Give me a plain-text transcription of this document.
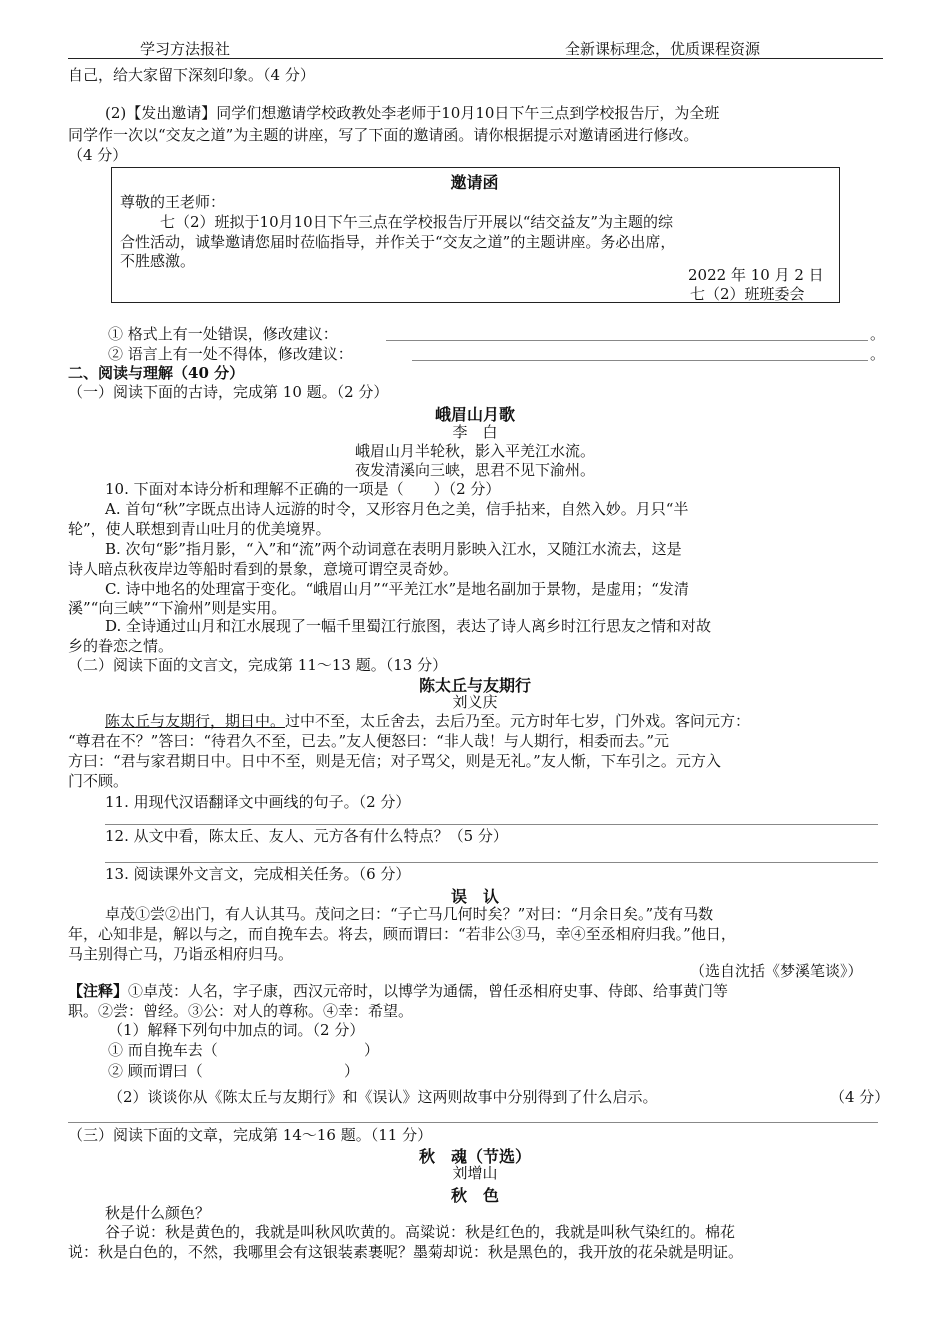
学习方法报社	全新课标理念，优质课程资源
自己，给大家留下深刻印象。（4 分）
(2)【发出邀请】同学们想邀请学校政教处李老师于10月10日下午三点到学校报告厅，为全班
同学作一次以“交友之道”为主题的讲座，写了下面的邀请函。请你根据提示对邀请函进行修改。
（4 分）
邀请函
尊敬的王老师：
七（2）班拟于10月10日下午三点在学校报告厅开展以“结交益友”为主题的综
合性活动，诚挚邀请您届时莅临指导，并作关于“交友之道”的主题讲座。务必出席，
不胜感激。
2022 年 10 月 2 日
七（2）班班委会
① 格式上有一处错误，修改建议：	。
② 语言上有一处不得体，修改建议：	。
二、阅读与理解（40 分）
（一）阅读下面的古诗，完成第 10 题。（2 分）
峨眉山月歌
李　白
峨眉山月半轮秋，影入平羌江水流。
夜发清溪向三峡，思君不见下渝州。
10. 下面对本诗分析和理解不正确的一项是（　　）（2 分）
A. 首句“秋”字既点出诗人远游的时令，又形容月色之美，信手拈来，自然入妙。月只“半
轮”，使人联想到青山吐月的优美境界。
B. 次句“影”指月影，“入”和“流”两个动词意在表明月影映入江水，又随江水流去，这是
诗人暗点秋夜岸边等船时看到的景象，意境可谓空灵奇妙。
C. 诗中地名的处理富于变化。“峨眉山月”“平羌江水”是地名副加于景物，是虚用；“发清
溪”“向三峡”“下渝州”则是实用。
D. 全诗通过山月和江水展现了一幅千里蜀江行旅图，表达了诗人离乡时江行思友之情和对故
乡的眷恋之情。
（二）阅读下面的文言文，完成第 11～13 题。（13 分）
陈太丘与友期行
刘义庆
陈太丘与友期行，期日中。过中不至，太丘舍去，去后乃至。元方时年七岁，门外戏。客问元方：
“尊君在不？”答曰：“待君久不至，已去。”友人便怒曰：“非人哉！与人期行，相委而去。”元
方曰：“君与家君期日中。日中不至，则是无信；对子骂父，则是无礼。”友人惭，下车引之。元方入
门不顾。
11. 用现代汉语翻译文中画线的句子。（2 分）
12. 从文中看，陈太丘、友人、元方各有什么特点？（5 分）
13. 阅读课外文言文，完成相关任务。（6 分）
误　认
卓茂①尝②出门，有人认其马。茂问之曰：“子亡马几何时矣？”对曰：“月余日矣。”茂有马数
年，心知非是，解以与之，而自挽车去。将去，顾而谓曰：“若非公③马，幸④至丞相府归我。”他日，
马主别得亡马，乃诣丞相府归马。
（选自沈括《梦溪笔谈》）
【注释】①卓茂：人名，字子康，西汉元帝时，以博学为通儒，曾任丞相府史事、侍郎、给事黄门等
职。②尝：曾经。③公：对人的尊称。④幸：希望。
（1）解释下列句中加点的词。（2 分）
① 而自挽车去（	）
② 顾而谓曰（	）
（2）谈谈你从《陈太丘与友期行》和《误认》这两则故事中分别得到了什么启示。	（4 分）
（三）阅读下面的文章，完成第 14～16 题。（11 分）
秋　魂（节选）
刘增山
秋　色
秋是什么颜色？
谷子说：秋是黄色的，我就是叫秋风吹黄的。高粱说：秋是红色的，我就是叫秋气染红的。棉花
说：秋是白色的，不然，我哪里会有这银装素裹呢？墨菊却说：秋是黑色的，我开放的花朵就是明证。
